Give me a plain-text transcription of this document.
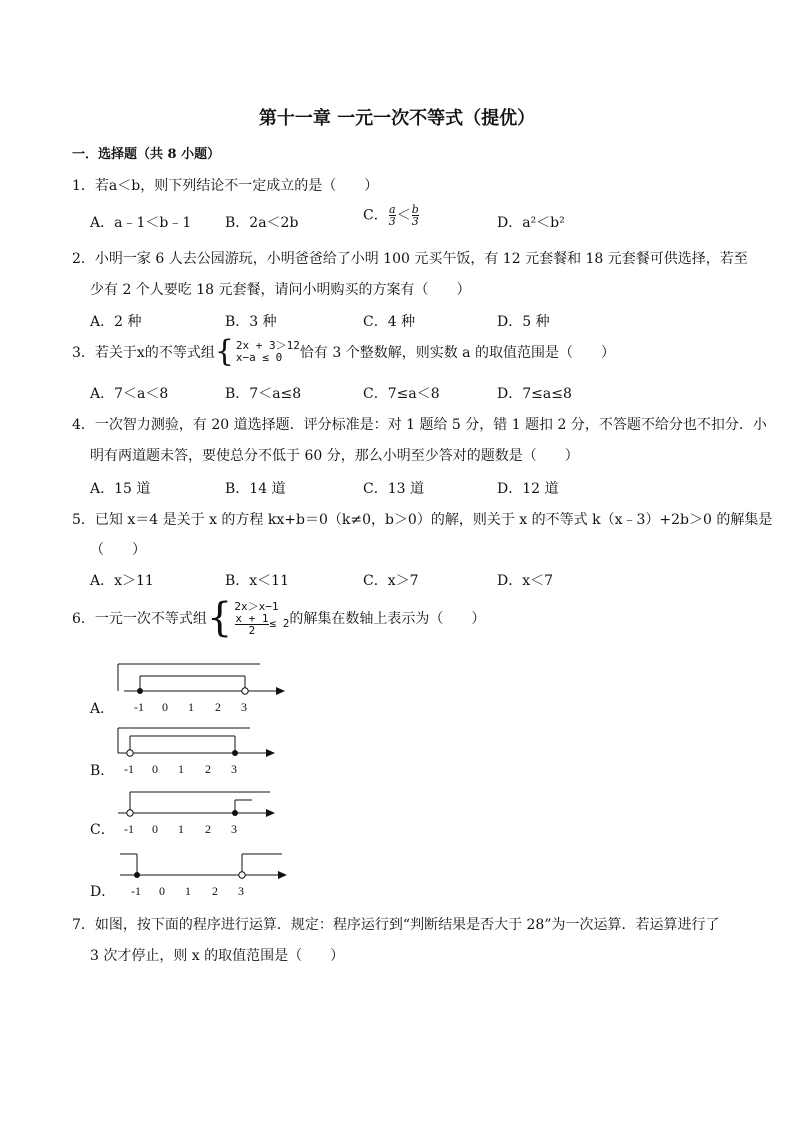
第十一章 一元一次不等式（提优）
一．选择题（共 8 小题）
1．若a＜b，则下列结论不一定成立的是（　　）
A．a﹣1＜b﹣1 B．2a＜2b	C． $\frac{a}{3} < \frac{b}{3}$	D．a²＜b²
2．小明一家 6 人去公园游玩，小明爸爸给了小明 100 元买午饭，有 12 元套餐和 18 元套餐可供选择，若至
少有 2 个人要吃 18 元套餐，请问小明购买的方案有（　　）
A．2 种	B．3 种	C．4 种	D．5 种
3． 若关于x的不等式组 { 2x + 3＞12
x−a ≤ 0	恰有 3 个整数解，则实数 a 的取值范围是（　　）
A．7＜a＜8	B．7＜a≤8	C．7≤a＜8	D．7≤a≤8
4．一次智力测验，有 20 道选择题．评分标准是：对 1 题给 5 分，错 1 题扣 2 分，不答题不给分也不扣分．小
明有两道题未答，要使总分不低于 60 分，那么小明至少答对的题数是（　　）
A．15 道	B．14 道	C．13 道	D．12 道
5．已知 x＝4 是关于 x 的方程 kx+b＝0（k≠0，b＞0）的解，则关于 x 的不等式 k（x﹣3）+2b＞0 的解集是
（　　）
A．x＞11	B．x＜11	C．x＞7	D．x＜7
6． 一元一次不等式组 { 2x＞x−1
$\frac{x + 1}{2} \le 2$ 的解集在数轴上表示为（　　）
A． -1 0 1 2 3
B． -1 0 1 2 3
C． -1 0 1 2 3
D． -1 0 1 2 3
7．如图，按下面的程序进行运算．规定：程序运行到“判断结果是否大于 28”为一次运算．若运算进行了
3 次才停止，则 x 的取值范围是（　　）
